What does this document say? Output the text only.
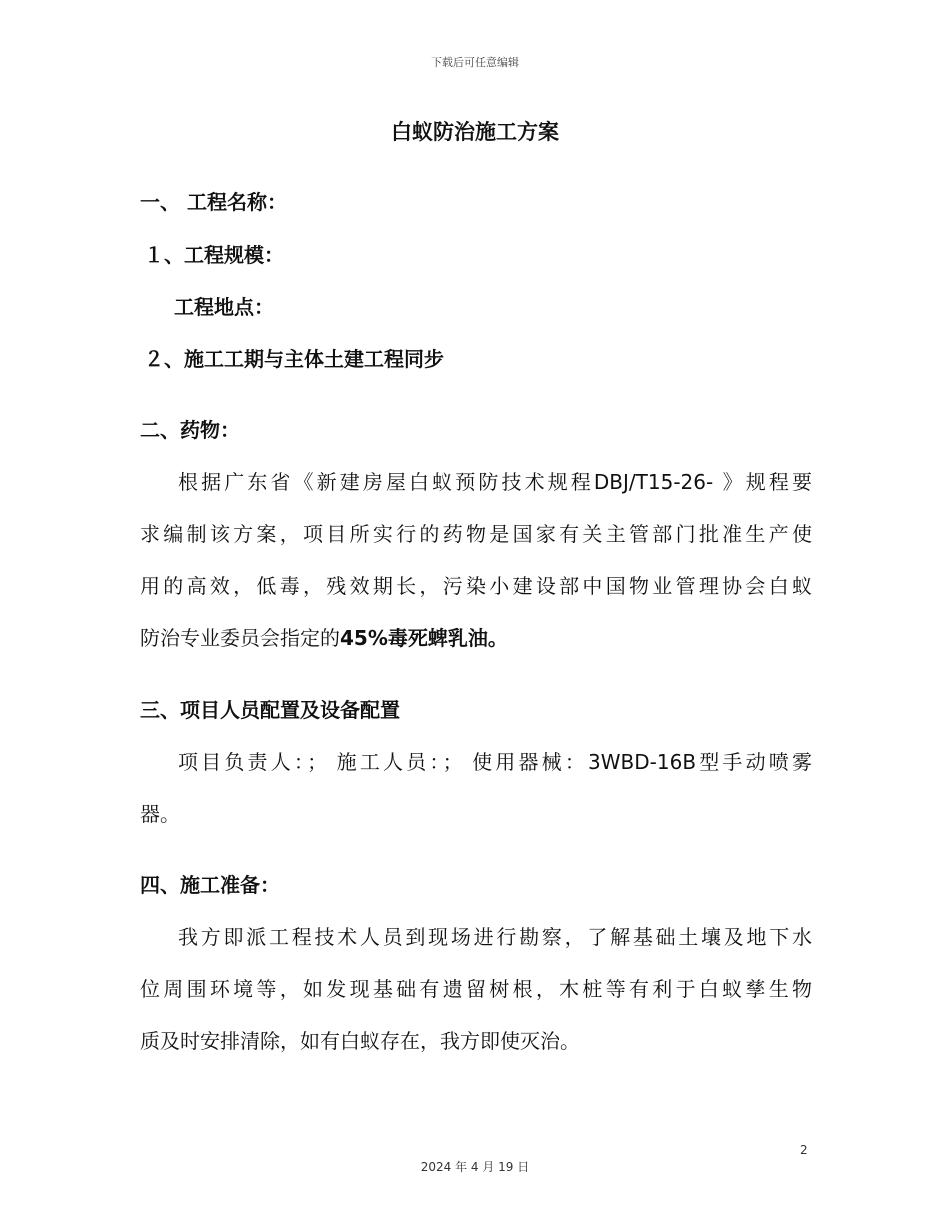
下载后可任意编辑
白蚁防治施工方案
一、 工程名称：
１、工程规模：
工程地点：
２、施工工期与主体土建工程同步
二、药物：
根据广东省《新建房屋白蚁预防技术规程DBJ/T15-26- 》规程要
求编制该方案，项目所实行的药物是国家有关主管部门批准生产使
用的高效，低毒，残效期长，污染小建设部中国物业管理协会白蚁
防治专业委员会指定的45%毒死蜱乳油。
三、项目人员配置及设备配置
项目负责人：； 施工人员：； 使用器械：3WBD-16B型手动喷雾
器。
四、施工准备：
我方即派工程技术人员到现场进行勘察，了解基础土壤及地下水
位周围环境等，如发现基础有遗留树根，木桩等有利于白蚁孳生物
质及时安排清除，如有白蚁存在，我方即使灭治。
2
2024 年 4 月 19 日
